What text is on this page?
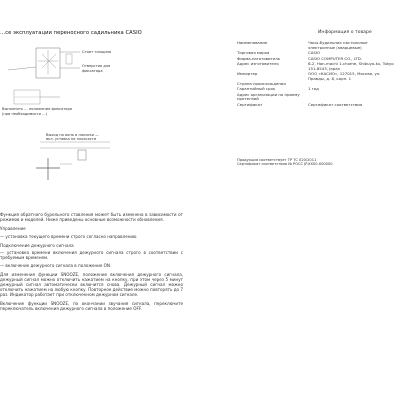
…се эксплуатации переносного садильника CASIO
Стоит толщина
Отверстия для
фиксатора
Выполнить … положение фиксатора
(при необходимости …)
Выход на окно и полоски —
вкл. уставка на плоскости

Функция обратного бурельного ставления может быть изменена в зависимости от режимов и моделей. Ниже приведены основные возможности обновления.

Управление

— установка текущего времени строго согласно направлению

Подключение дежурного сигнала

— установка времени включения дежурного сигнала строго в соответствии с требуемым временем.

— включение дежурного сигнала в положение ON.

Для изменения функции SNOOZE, положение включения дежурного сигнала, дежурный сигнал можно отключить нажатием на кнопку, при этом через 5 минут дежурный сигнал автоматически включится снова. Дежурный сигнал можно отключить нажатием на любую кнопку. Повторное действие можно повторять до 7 раз. Индикатор работает при отключенном дежурном сигнале.

Включение функции SNOOZE, по окончании звучания сигнала, переключите переключатель включения дежурного сигнала в положение OFF.

Информация о товаре
Наименование	Часы-будильник настольные электронные (кварцевые)
Торговая марка	CASIO
Фирма-изготовитель	CASIO COMPUTER CO., LTD.
Адрес изготовителя	6-2, Hon-machi 1-chome, Shibuya-ku, Tokyo 151-8543, Japan
Импортер	ООО «КАСИО», 127015, Москва, ул. Правды, д. 8, корп. 1
Страна происхождения	
Гарантийный срок	1 год
Адрес организации по приему претензий	
Сертификат	Сертификат соответствия
Продукция соответствует ТР ТС 020/2011
Сертификат соответствия № РОСС JP.ХХ00.Х00000
